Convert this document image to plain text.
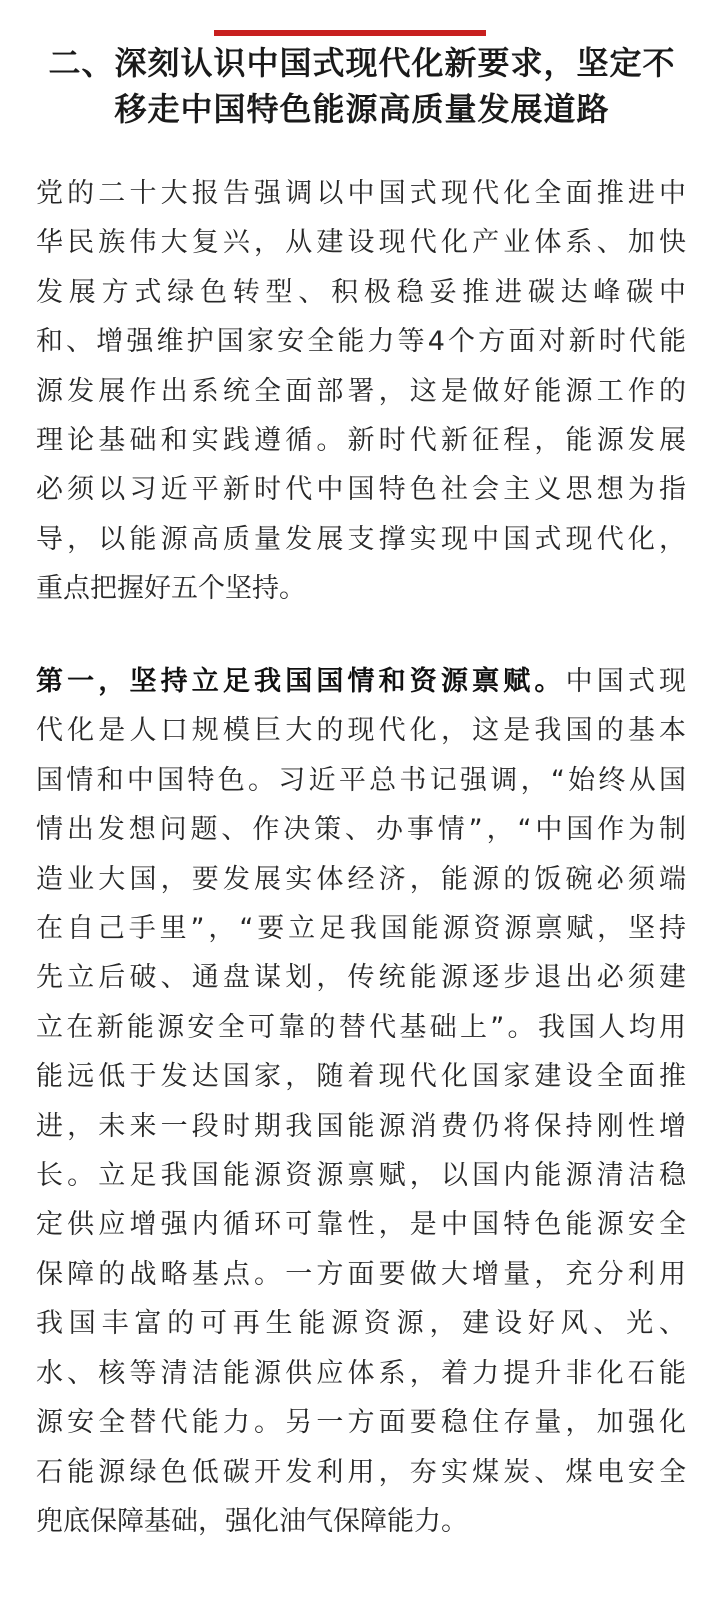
二、深刻认识中国式现代化新要求，坚定不
移走中国特色能源高质量发展道路

党的二十大报告强调以中国式现代化全面推进中
华民族伟大复兴，从建设现代化产业体系、加快
发展方式绿色转型、积极稳妥推进碳达峰碳中
和、增强维护国家安全能力等4个方面对新时代能
源发展作出系统全面部署，这是做好能源工作的
理论基础和实践遵循。新时代新征程，能源发展
必须以习近平新时代中国特色社会主义思想为指
导，以能源高质量发展支撑实现中国式现代化，
重点把握好五个坚持。

第一，坚持立足我国国情和资源禀赋。中国式现
代化是人口规模巨大的现代化，这是我国的基本
国情和中国特色。习近平总书记强调，“始终从国
情出发想问题、作决策、办事情”，“中国作为制
造业大国，要发展实体经济，能源的饭碗必须端
在自己手里”，“要立足我国能源资源禀赋，坚持
先立后破、通盘谋划，传统能源逐步退出必须建
立在新能源安全可靠的替代基础上”。我国人均用
能远低于发达国家，随着现代化国家建设全面推
进，未来一段时期我国能源消费仍将保持刚性增
长。立足我国能源资源禀赋，以国内能源清洁稳
定供应增强内循环可靠性，是中国特色能源安全
保障的战略基点。一方面要做大增量，充分利用
我国丰富的可再生能源资源，建设好风、光、
水、核等清洁能源供应体系，着力提升非化石能
源安全替代能力。另一方面要稳住存量，加强化
石能源绿色低碳开发利用，夯实煤炭、煤电安全
兜底保障基础，强化油气保障能力。
